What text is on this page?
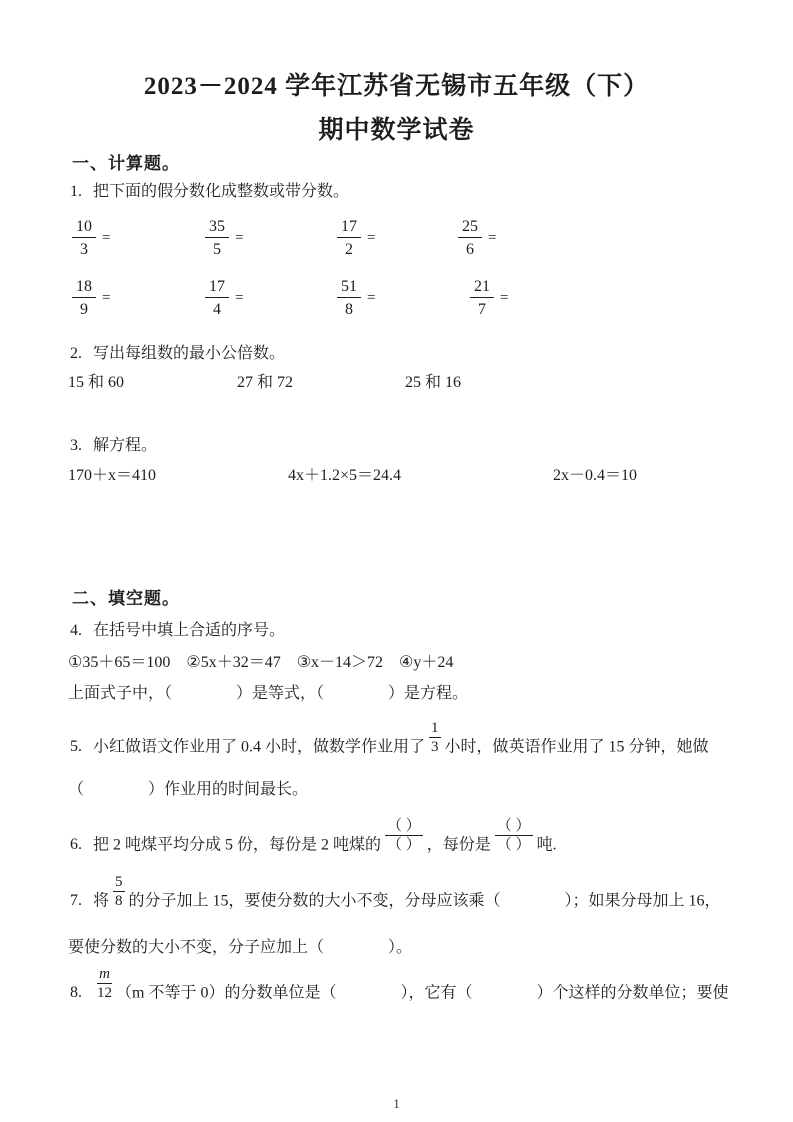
2023－2024 学年江苏省无锡市五年级（下）
期中数学试卷
一、计算题。
1. 把下面的假分数化成整数或带分数。
$\frac{10}{3}$ =	$\frac{35}{5}$ =	$\frac{17}{2}$ =	$\frac{25}{6}$ =
$\frac{18}{9}$ =	$\frac{17}{4}$ =	$\frac{51}{8}$ =	$\frac{21}{7}$ =
2. 写出每组数的最小公倍数。
15 和 60	27 和 72	25 和 16
3. 解方程。
170＋x＝410	4x＋1.2×5＝24.4	2x－0.4＝10
二、填空题。
4. 在括号中填上合适的序号。
①35＋65＝100　②5x＋32＝47　③x－14＞72　④y＋24
上面式子中，（　　　　）是等式，（　　　　）是方程。
5. 小红做语文作业用了 0.4 小时，做数学作业用了 $\frac{1}{3}$ 小时，做英语作业用了 15 分钟，她做
（　　　　）作业用的时间最长。
6. 把 2 吨煤平均分成 5 份，每份是 2 吨煤的
（ ）
（ ） ，每份是
（ ）
（ ） 吨.
7. 将 $\frac{5}{8}$ 的分子加上 15，要使分数的大小不变，分母应该乘（　　　　）；如果分母加上 16，
要使分数的大小不变，分子应加上（　　　　）。
8. $\frac{m}{12} (m$ 不等于 0）的分数单位是（　　　　），它有（　　　　）个这样的分数单位；要使
1
